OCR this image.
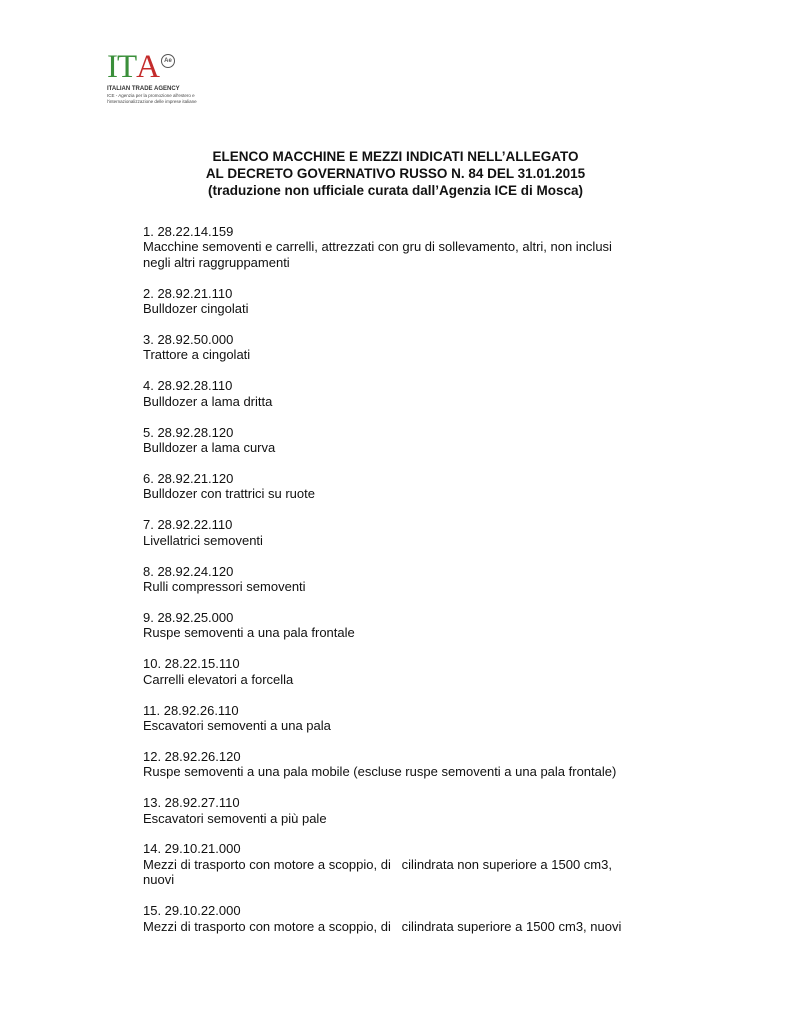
I T A Ae
ITALIAN TRADE AGENCY
ICE - Agenzia per la promozione all'estero e
l'internazionalizzazione delle imprese italiane
ELENCO MACCHINE E MEZZI INDICATI NELL’ALLEGATO
AL DECRETO GOVERNATIVO RUSSO N. 84 DEL 31.01.2015
(traduzione non ufficiale curata dall’Agenzia ICE di Mosca)
1. 28.22.14.159
Macchine semoventi e carrelli, attrezzati con gru di sollevamento, altri, non inclusi
negli altri raggruppamenti
2. 28.92.21.110
Bulldozer cingolati
3. 28.92.50.000
Trattore a cingolati
4. 28.92.28.110
Bulldozer a lama dritta
5. 28.92.28.120
Bulldozer a lama curva
6. 28.92.21.120
Bulldozer con trattrici su ruote
7. 28.92.22.110
Livellatrici semoventi
8. 28.92.24.120
Rulli compressori semoventi
9. 28.92.25.000
Ruspe semoventi a una pala frontale
10. 28.22.15.110
Carrelli elevatori a forcella
11. 28.92.26.110
Escavatori semoventi a una pala
12. 28.92.26.120
Ruspe semoventi a una pala mobile (escluse ruspe semoventi a una pala frontale)
13. 28.92.27.110
Escavatori semoventi a più pale
14. 29.10.21.000
Mezzi di trasporto con motore a scoppio, di   cilindrata non superiore a 1500 cm3,
nuovi
15. 29.10.22.000
Mezzi di trasporto con motore a scoppio, di   cilindrata superiore a 1500 cm3, nuovi
